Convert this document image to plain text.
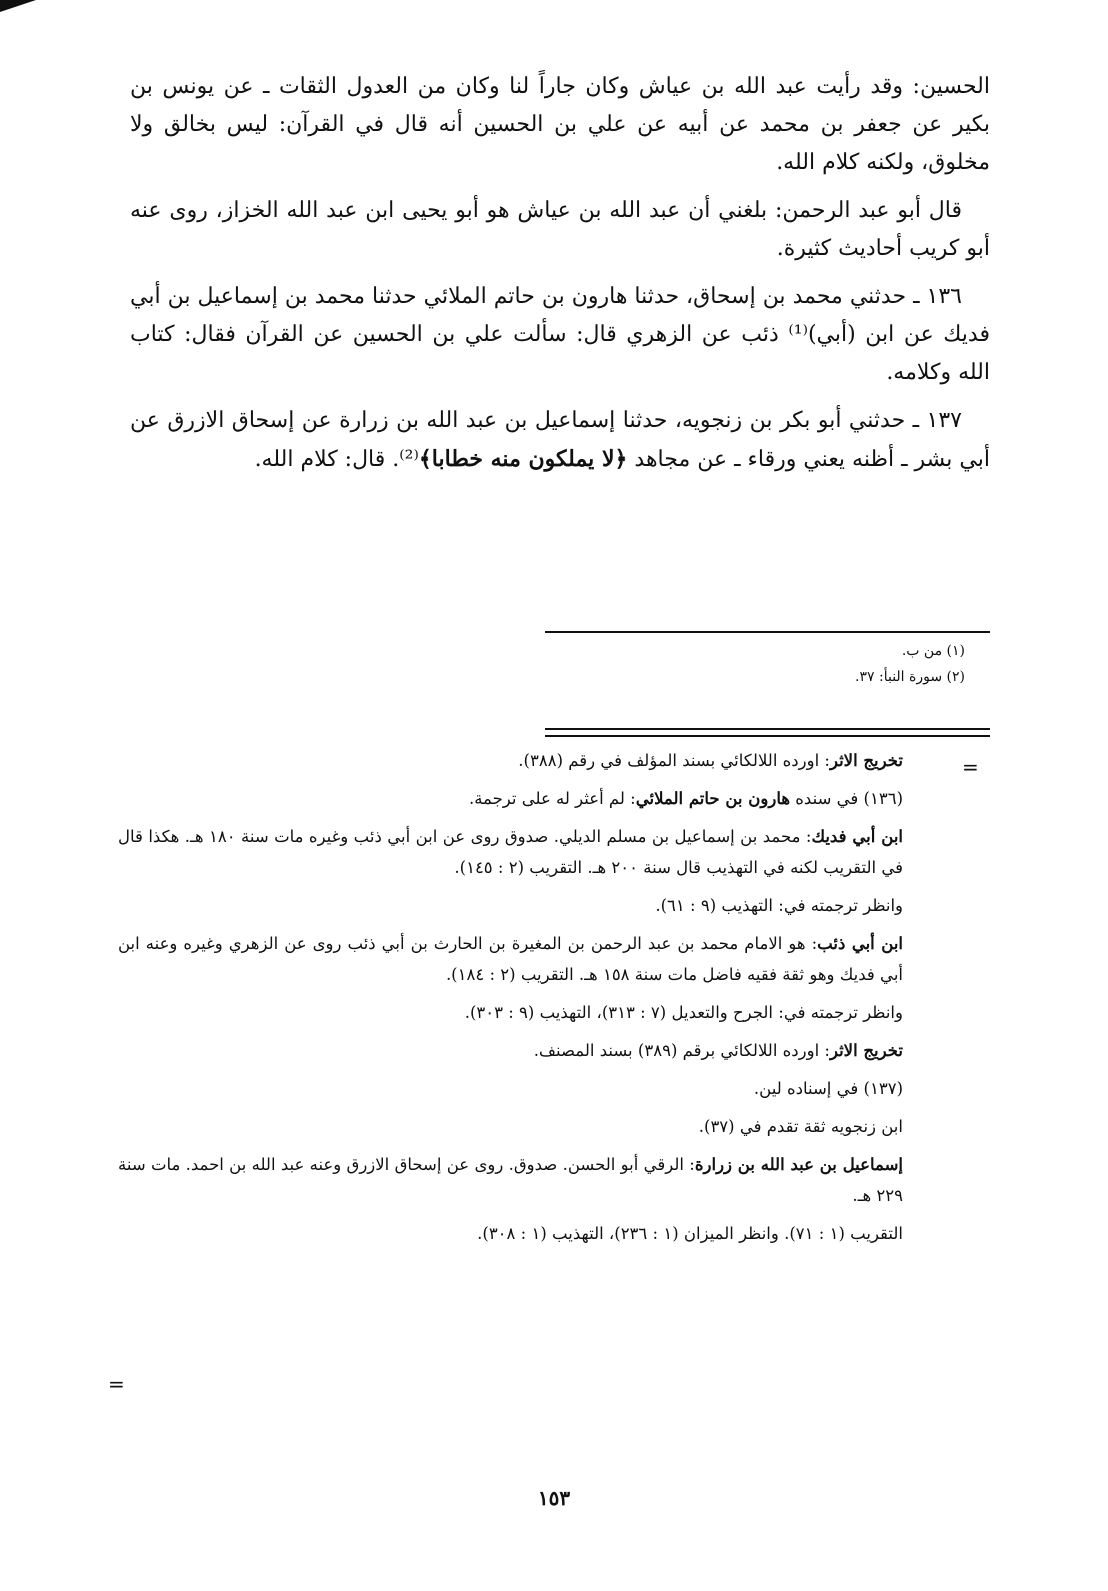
الحسين: وقد رأيت عبد الله بن عياش وكان جاراً لنا وكان من العدول الثقات ـ عن يونس بن بكير عن جعفر بن محمد عن أبيه عن علي بن الحسين أنه قال في القرآن: ليس بخالق ولا مخلوق، ولكنه كلام الله.

قال أبو عبد الرحمن: بلغني أن عبد الله بن عياش هو أبو يحيى ابن عبد الله الخزاز، روى عنه أبو كريب أحاديث كثيرة.

١٣٦ ـ حدثني محمد بن إسحاق، حدثنا هارون بن حاتم الملائي حدثنا محمد بن إسماعيل بن أبي فديك عن ابن (أبي)⁽¹⁾ ذئب عن الزهري قال: سألت علي بن الحسين عن القرآن فقال: كتاب الله وكلامه.

١٣٧ ـ حدثني أبو بكر بن زنجويه، حدثنا إسماعيل بن عبد الله بن زرارة عن إسحاق الازرق عن أبي بشر ـ أظنه يعني ورقاء ـ عن مجاهد ﴿لا يملكون منه خطابا﴾⁽²⁾. قال: كلام الله.

(١) من ب.
(٢) سورة النبأ: ٣٧.
=

تخريج الاثر: اورده اللالكائي بسند المؤلف في رقم (٣٨٨).

(١٣٦) في سنده هارون بن حاتم الملائي: لم أعثر له على ترجمة.

ابن أبي فديك: محمد بن إسماعيل بن مسلم الديلي. صدوق روى عن ابن أبي ذئب وغيره مات سنة ١٨٠ هـ. هكذا قال في التقريب لكنه في التهذيب قال سنة ٢٠٠ هـ. التقريب (٢ : ١٤٥).

وانظر ترجمته في: التهذيب (٩ : ٦١).

ابن أبي ذئب: هو الامام محمد بن عبد الرحمن بن المغيرة بن الحارث بن أبي ذئب روى عن الزهري وغيره وعنه ابن أبي فديك وهو ثقة فقيه فاضل مات سنة ١٥٨ هـ. التقريب (٢ : ١٨٤).

وانظر ترجمته في: الجرح والتعديل (٧ : ٣١٣)، التهذيب (٩ : ٣٠٣).

تخريج الاثر: اورده اللالكائي برقم (٣٨٩) بسند المصنف.

(١٣٧) في إسناده لين.

ابن زنجويه ثقة تقدم في (٣٧).

إسماعيل بن عبد الله بن زرارة: الرقي أبو الحسن. صدوق. روى عن إسحاق الازرق وعنه عبد الله بن احمد. مات سنة ٢٢٩ هـ.

التقريب (١ : ٧١). وانظر الميزان (١ : ٢٣٦)، التهذيب (١ : ٣٠٨).

=
١٥٣
